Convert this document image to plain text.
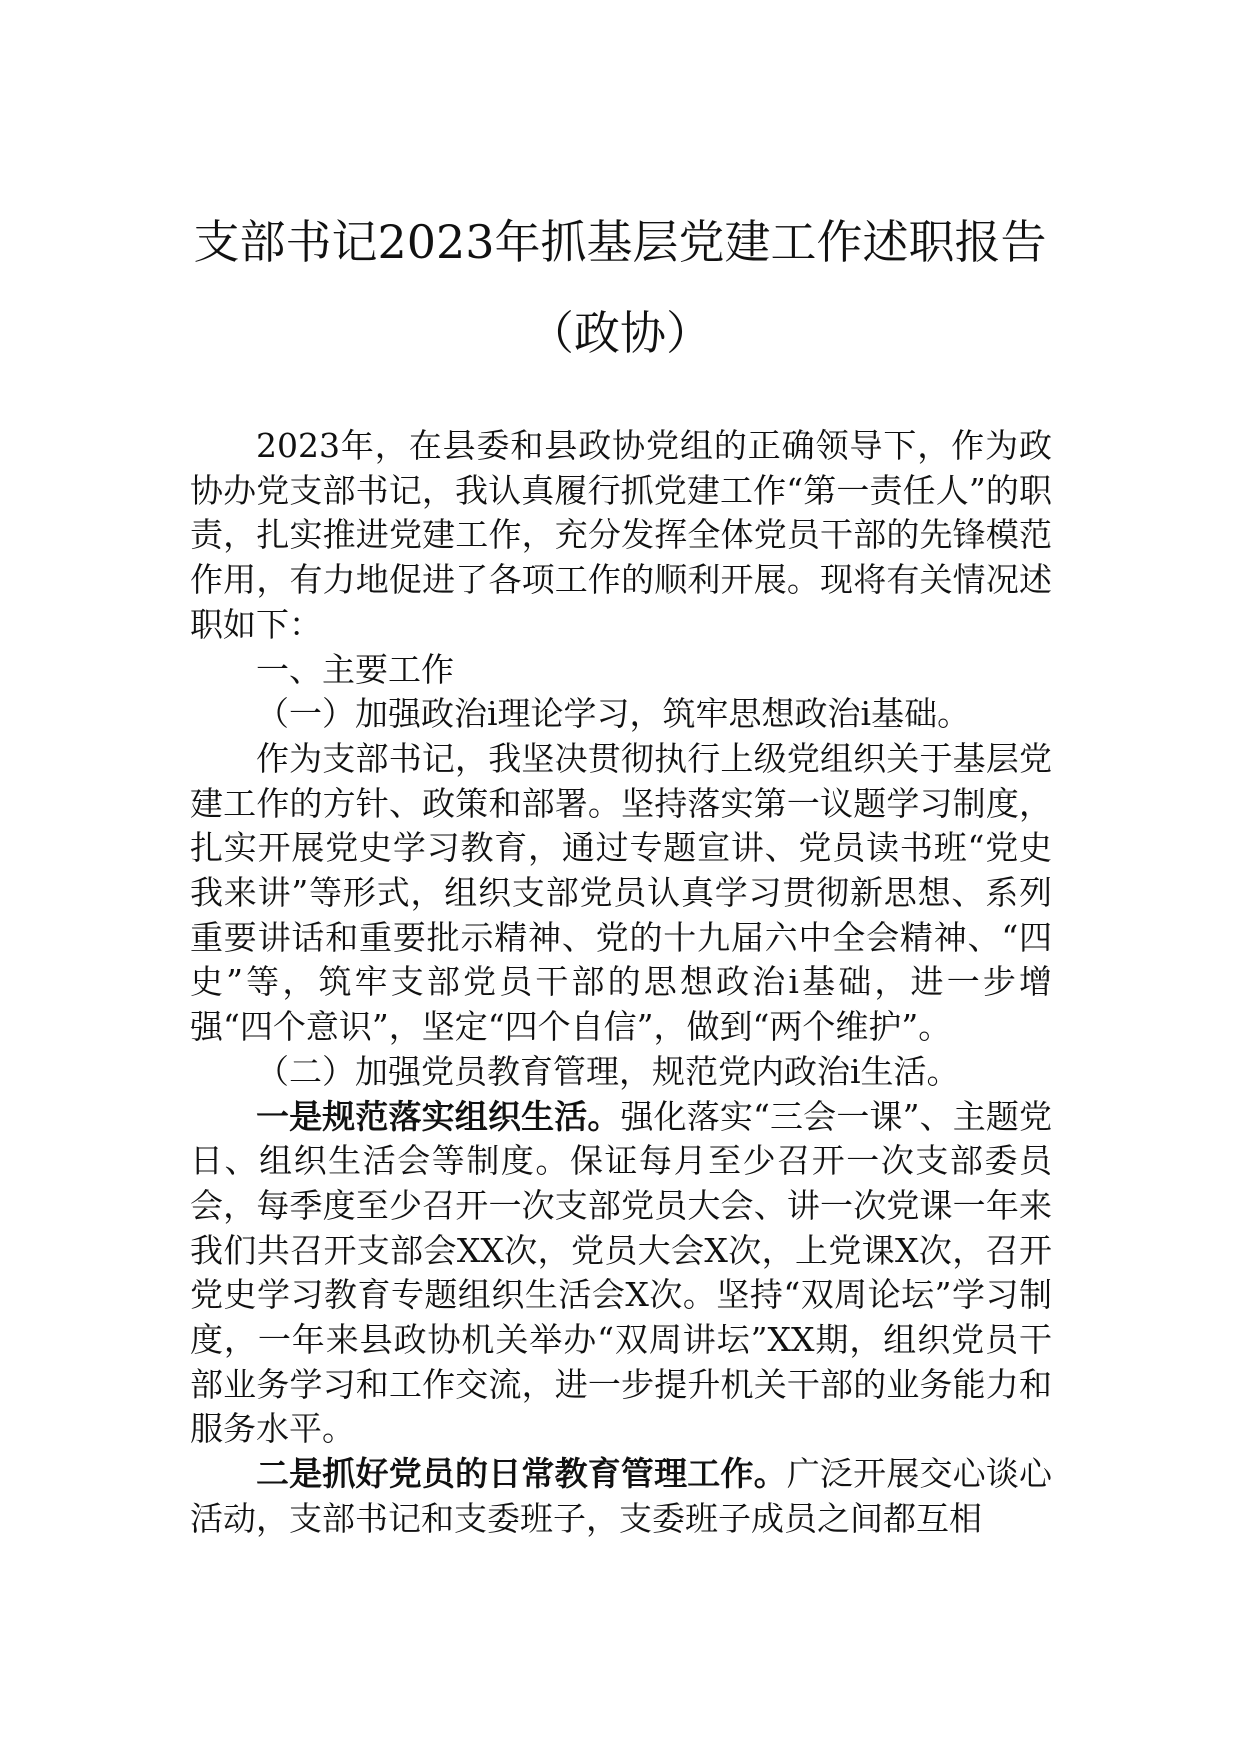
支部书记2023年抓基层党建工作述职报告
（政协）

2023年，在县委和县政协党组的正确领导下，作为政协办党支部书记，我认真履行抓党建工作“第一责任人”的职责，扎实推进党建工作，充分发挥全体党员干部的先锋模范作用，有力地促进了各项工作的顺利开展。现将有关情况述职如下：

一、主要工作

（一）加强政治i理论学习，筑牢思想政治i基础。

作为支部书记，我坚决贯彻执行上级党组织关于基层党建工作的方针、政策和部署。坚持落实第一议题学习制度，扎实开展党史学习教育，通过专题宣讲、党员读书班“党史我来讲”等形式，组织支部党员认真学习贯彻新思想、系列重要讲话和重要批示精神、党的十九届六中全会精神、“四史”等，筑牢支部党员干部的思想政治i基础，进一步增强“四个意识”，坚定“四个自信”，做到“两个维护”。

（二）加强党员教育管理，规范党内政治i生活。

一是规范落实组织生活。强化落实“三会一课”、主题党日、组织生活会等制度。保证每月至少召开一次支部委员会，每季度至少召开一次支部党员大会、讲一次党课一年来我们共召开支部会XX次，党员大会X次，上党课X次，召开党史学习教育专题组织生活会X次。坚持“双周论坛”学习制度，一年来县政协机关举办“双周讲坛”XX期，组织党员干部业务学习和工作交流，进一步提升机关干部的业务能力和服务水平。

二是抓好党员的日常教育管理工作。广泛开展交心谈心活动，支部书记和支委班子，支委班子成员之间都互相
